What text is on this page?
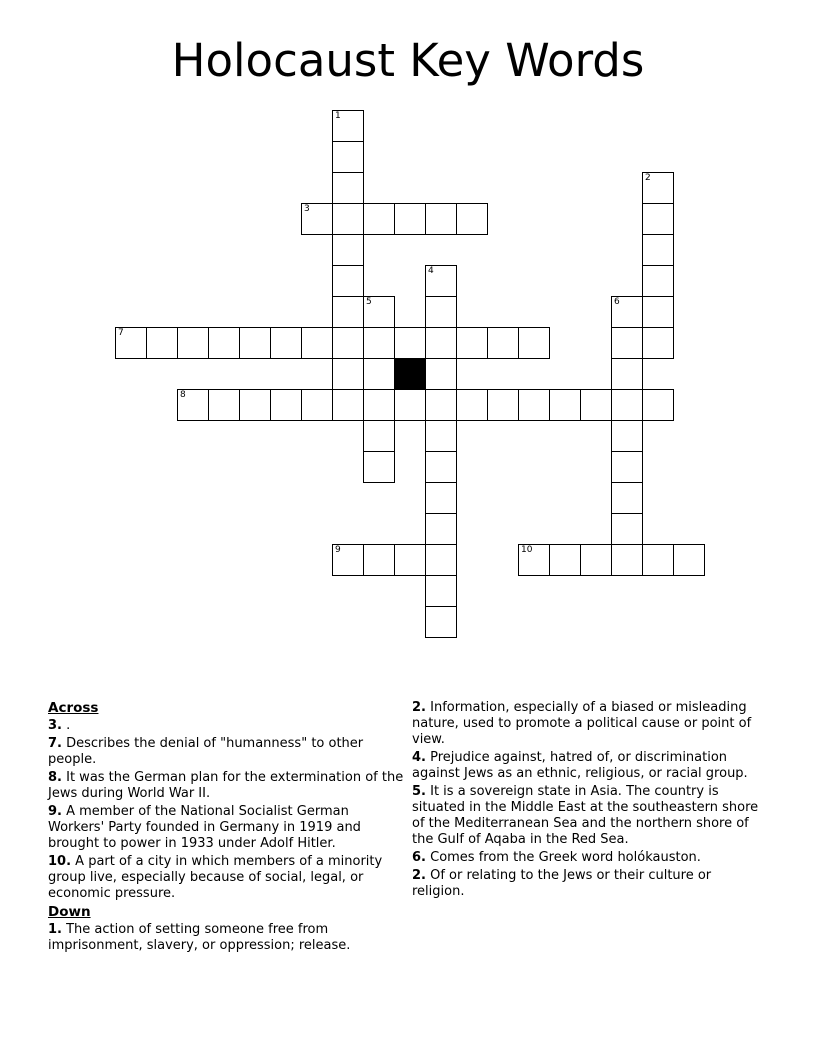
Holocaust Key Words
1
2
3
4
5	6
7
8
9	10
Across
3. .
7. Describes the denial of "humanness" to other people.
8. It was the German plan for the extermination of the Jews during World War II.
9. A member of the National Socialist German Workers' Party founded in Germany in 1919 and brought to power in 1933 under Adolf Hitler.
10. A part of a city in which members of a minority group live, especially because of social, legal, or economic pressure.
Down
1. The action of setting someone free from imprisonment, slavery, or oppression; release.
2. Information, especially of a biased or misleading nature, used to promote a political cause or point of view.
4. Prejudice against, hatred of, or discrimination against Jews as an ethnic, religious, or racial group.
5. It is a sovereign state in Asia. The country is situated in the Middle East at the southeastern shore of the Mediterranean Sea and the northern shore of the Gulf of Aqaba in the Red Sea.
6. Comes from the Greek word holókauston.
2. Of or relating to the Jews or their culture or religion.
